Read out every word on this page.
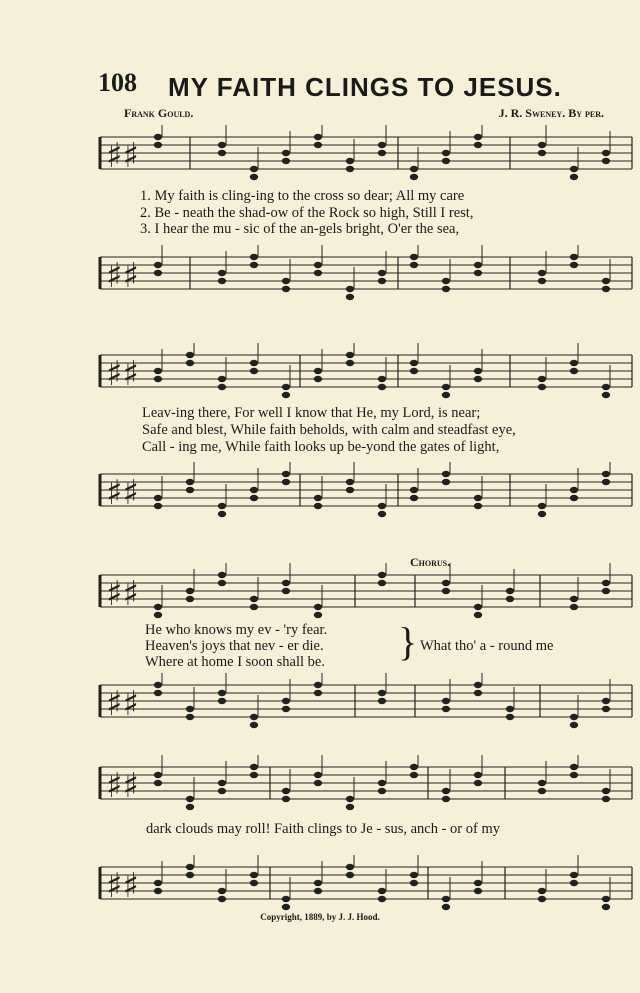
108 MY FAITH CLINGS TO JESUS.
Frank Gould.	J. R. Sweney. By per.
♯♯
1. My faith is cling-ing to the cross so dear; All my care
2. Be - neath the shad-ow of the Rock so high, Still I rest,
3. I hear the mu - sic of the an-gels bright, O'er the sea,
♯♯
♯♯
Leav-ing there, For well I know that He, my Lord, is near;
Safe and blest, While faith beholds, with calm and steadfast eye,
Call - ing me, While faith looks up be-yond the gates of light,
♯♯
Chorus.
♯♯
He who knows my ev - 'ry fear.
Heaven's joys that nev - er die.
Where at home I soon shall be. } What tho' a - round me
♯♯
♯♯
dark clouds may roll! Faith clings to Je - sus, anch - or of my
♯♯
Copyright, 1889, by J. J. Hood.
